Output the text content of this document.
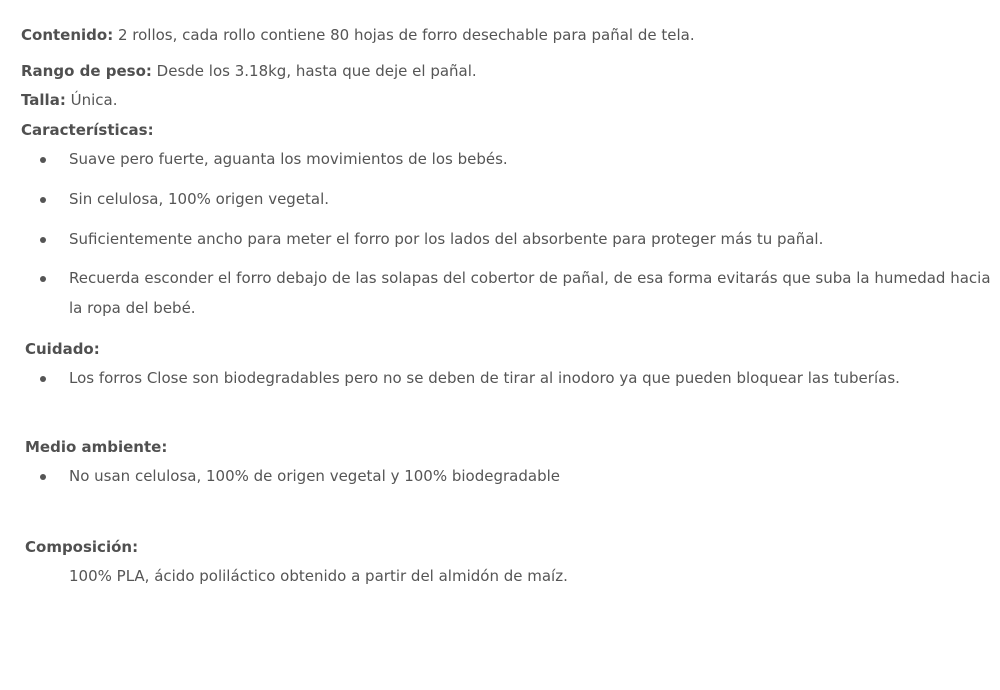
Contenido: 2 rollos, cada rollo contiene 80 hojas de forro desechable para pañal de tela.
Rango de peso: Desde los 3.18kg, hasta que deje el pañal.
Talla: Única.
Características:
Suave pero fuerte, aguanta los movimientos de los bebés.
Sin celulosa, 100% origen vegetal.
Suficientemente ancho para meter el forro por los lados del absorbente para proteger más tu pañal.
Recuerda esconder el forro debajo de las solapas del cobertor de pañal, de esa forma evitarás que suba la humedad hacia
la ropa del bebé.
Cuidado:
Los forros Close son biodegradables pero no se deben de tirar al inodoro ya que pueden bloquear las tuberías.
Medio ambiente:
No usan celulosa, 100% de origen vegetal y 100% biodegradable
Composición:
100% PLA, ácido poliláctico obtenido a partir del almidón de maíz.
